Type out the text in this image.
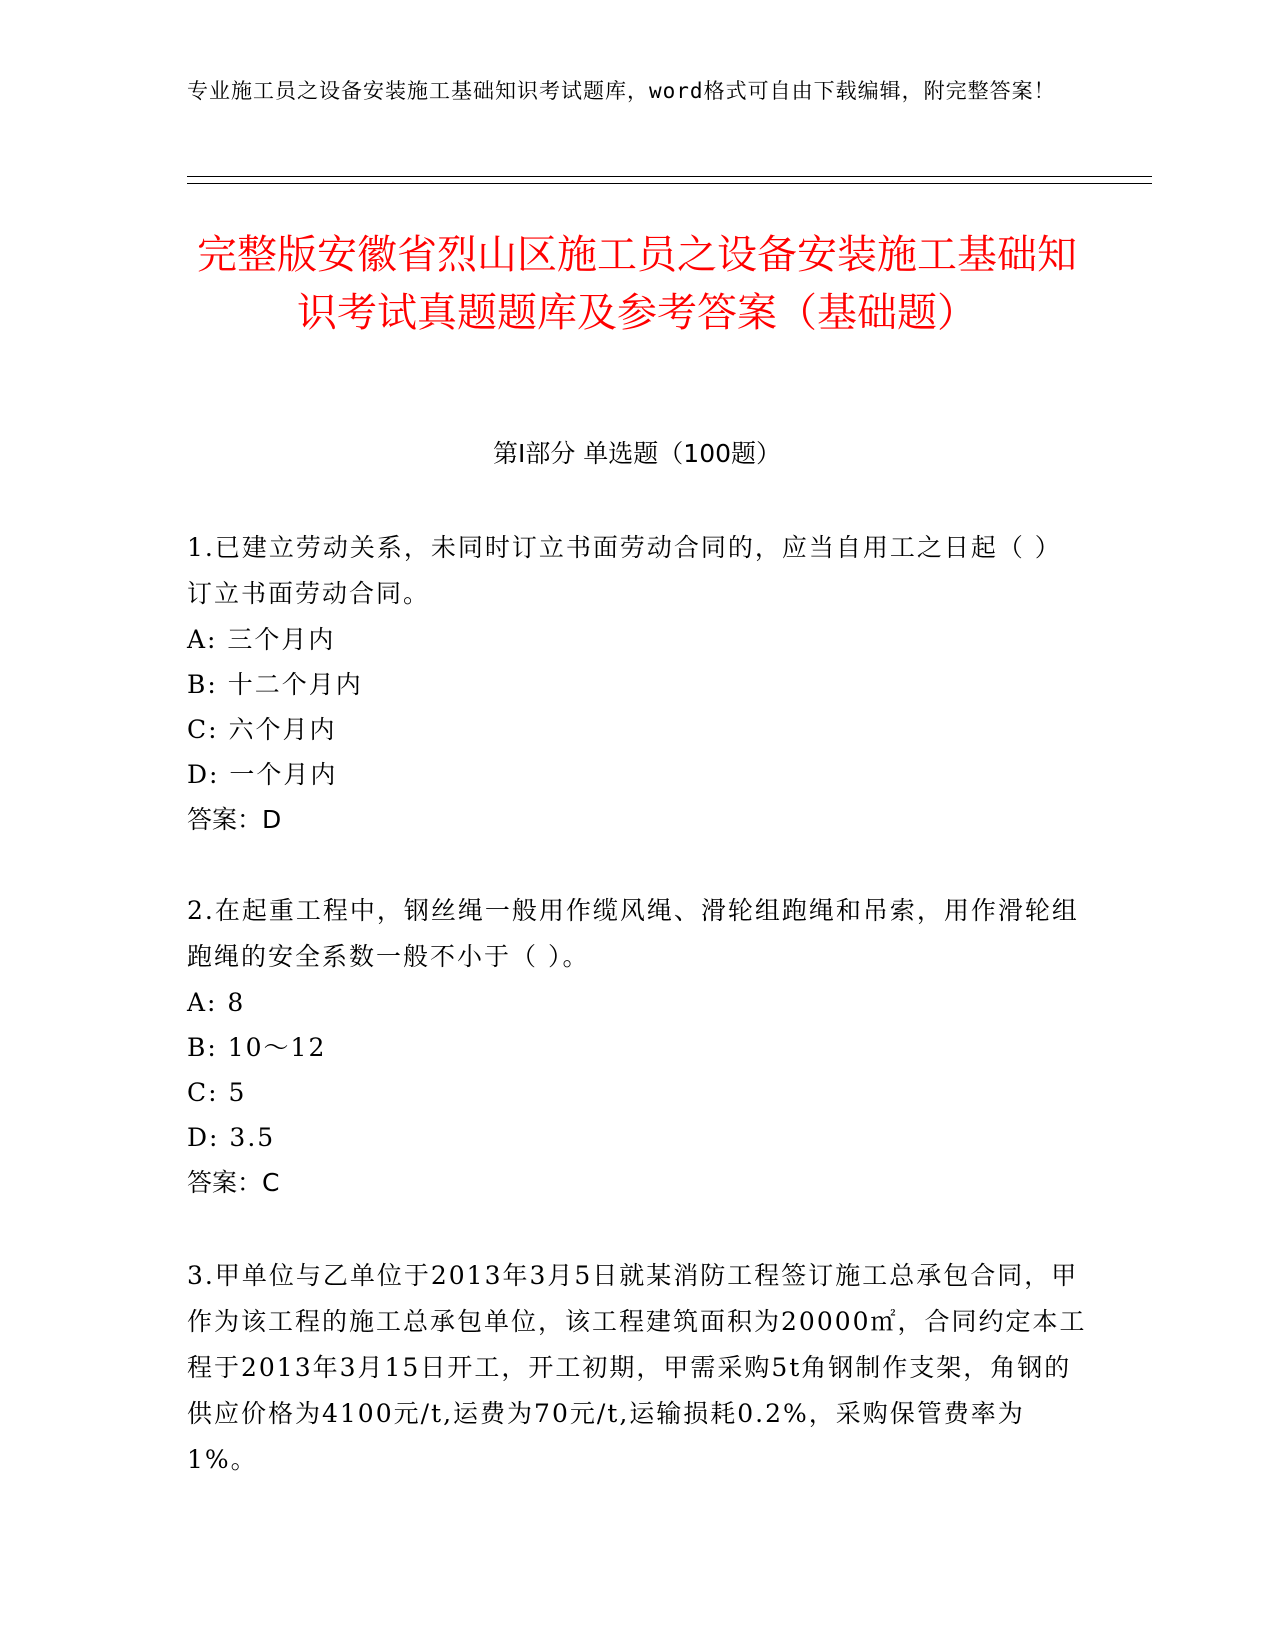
专业施工员之设备安装施工基础知识考试题库，word格式可自由下载编辑，附完整答案！
完整版安徽省烈山区施工员之设备安装施工基础知识考试真题题库及参考答案（基础题）
第I部分 单选题（100题）

1.已建立劳动关系，未同时订立书面劳动合同的，应当自用工之日起（ ）订立书面劳动合同。

A: 三个月内

B: 十二个月内

C: 六个月内

D: 一个月内

答案：D

2.在起重工程中，钢丝绳一般用作缆风绳、滑轮组跑绳和吊索，用作滑轮组跑绳的安全系数一般不小于（ ）。

A: 8

B: 10～12

C: 5

D: 3.5

答案：C

3.甲单位与乙单位于2013年3月5日就某消防工程签订施工总承包合同，甲作为该工程的施工总承包单位，该工程建筑面积为20000㎡，合同约定本工程于2013年3月15日开工，开工初期，甲需采购5t角钢制作支架，角钢的供应价格为4100元/t,运费为70元/t,运输损耗0.2%，采购保管费率为1%。
